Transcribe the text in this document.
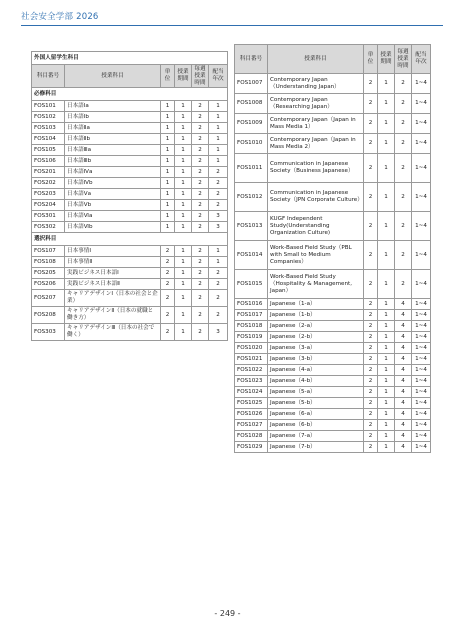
社会安全学部 2026
外国人留学生科目					
科目番号	授業科目	単位	授業期間	毎週授業時間	配当年次
必修科目					
FOS101	日本語Ⅰa	1	1	2	1
FOS102	日本語Ⅰb	1	1	2	1
FOS103	日本語Ⅱa	1	1	2	1
FOS104	日本語Ⅱb	1	1	2	1
FOS105	日本語Ⅲa	1	1	2	1
FOS106	日本語Ⅲb	1	1	2	1
FOS201	日本語Ⅳa	1	1	2	2
FOS202	日本語Ⅳb	1	1	2	2
FOS203	日本語Ⅴa	1	1	2	2
FOS204	日本語Ⅴb	1	1	2	2
FOS301	日本語Ⅵa	1	1	2	3
FOS302	日本語Ⅵb	1	1	2	3
選択科目					
FOS107	日本事情Ⅰ	2	1	2	1
FOS108	日本事情Ⅱ	2	1	2	1
FOS205	実践ビジネス日本語Ⅰ	2	1	2	2
FOS206	実践ビジネス日本語Ⅱ	2	1	2	2
FOS207	キャリアデザインⅠ（日本の社会と企業）	2	1	2	2
FOS208	キャリアデザインⅡ（日本の就職と働き方）	2	1	2	2
FOS303	キャリアデザインⅢ（日本の社会で働く）	2	1	2	3
科目番号	授業科目	単位	授業期間	毎週授業時間	配当年次
FOS1007	Contemporary Japan（Understanding Japan）	2	1	2	1~4
FOS1008	Contemporary Japan（Researching Japan）	2	1	2	1~4
FOS1009	Contemporary Japan（Japan in Mass Media 1）	2	1	2	1~4
FOS1010	Contemporary Japan（Japan in Mass Media 2）	2	1	2	1~4
FOS1011	Communication in Japanese Society（Business Japanese）	2	1	2	1~4
FOS1012	Communication in Japanese Society（JPN Corporate Culture）	2	1	2	1~4
FOS1013	KUGF Independent Study(Understanding Organization Culture)	2	1	2	1~4
FOS1014	Work-Based Field Study（PBL with Small to Medium Companies）	2	1	2	1~4
FOS1015	Work-Based Field Study（Hospitality & Management, Japan）	2	1	2	1~4
FOS1016	Japanese（1-a）	2	1	4	1~4
FOS1017	Japanese（1-b）	2	1	4	1~4
FOS1018	Japanese（2-a）	2	1	4	1~4
FOS1019	Japanese（2-b）	2	1	4	1~4
FOS1020	Japanese（3-a）	2	1	4	1~4
FOS1021	Japanese（3-b）	2	1	4	1~4
FOS1022	Japanese（4-a）	2	1	4	1~4
FOS1023	Japanese（4-b）	2	1	4	1~4
FOS1024	Japanese（5-a）	2	1	4	1~4
FOS1025	Japanese（5-b）	2	1	4	1~4
FOS1026	Japanese（6-a）	2	1	4	1~4
FOS1027	Japanese（6-b）	2	1	4	1~4
FOS1028	Japanese（7-a）	2	1	4	1~4
FOS1029	Japanese（7-b）	2	1	4	1~4
- 249 -
